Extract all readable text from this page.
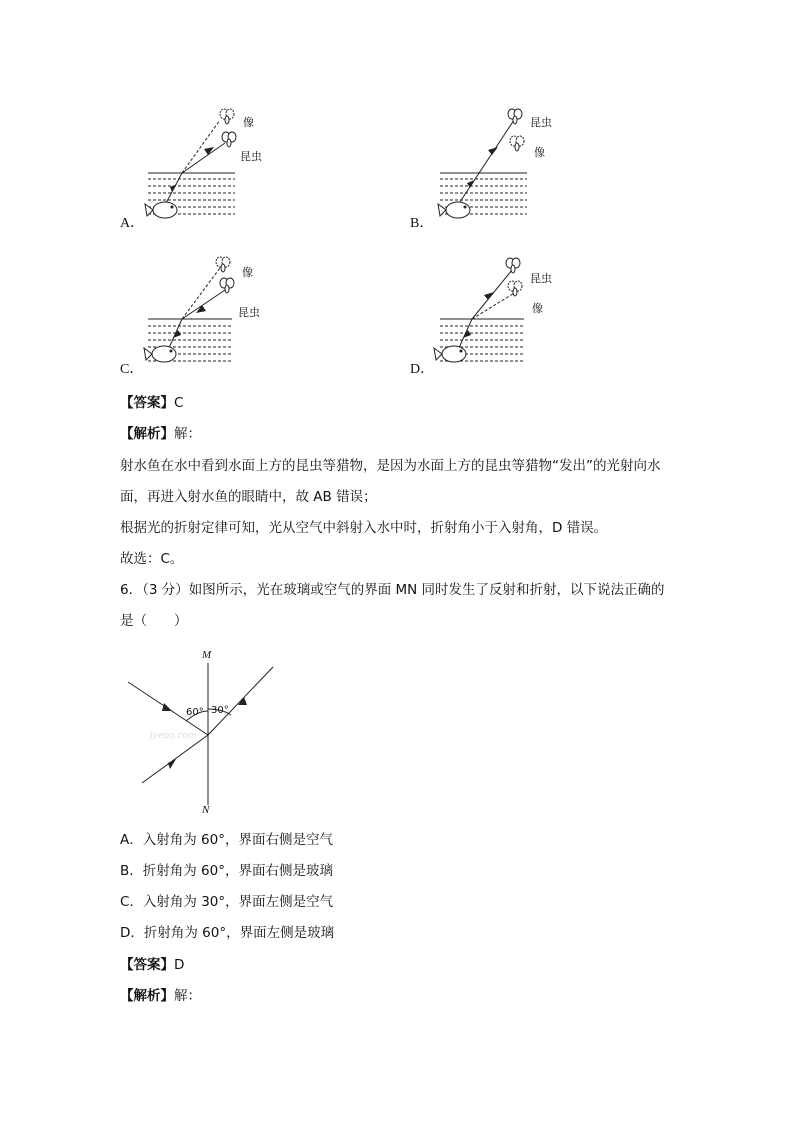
A．
像
昆虫
B．
昆虫
像
C．
像
昆虫
D．
昆虫
像
【答案】C
【解析】解：
射水鱼在水中看到水面上方的昆虫等猎物，是因为水面上方的昆虫等猎物“发出”的光射向水
面，再进入射水鱼的眼睛中，故 AB 错误；
根据光的折射定律可知，光从空气中斜射入水中时，折射角小于入射角，D 错误。
故选：C。
6．（3 分）如图所示，光在玻璃或空气的界面 MN 同时发生了反射和折射，以下说法正确的
是（　　）
M
N
60° 30°
Jyeoo.com
A．入射角为 60°，界面右侧是空气
B．折射角为 60°，界面右侧是玻璃
C．入射角为 30°，界面左侧是空气
D．折射角为 60°，界面左侧是玻璃
【答案】D
【解析】解：
